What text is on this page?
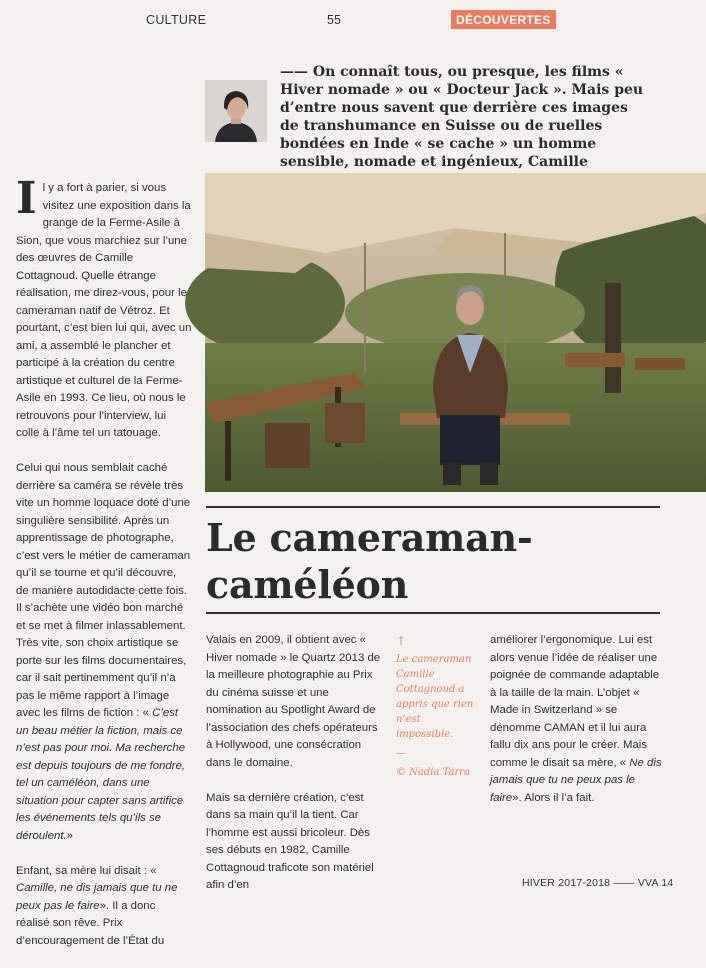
CULTURE	55	DÉCOUVERTES
—— On connaît tous, ou presque, les films « Hiver nomade » ou « Docteur Jack ». Mais peu d’entre nous savent que derrière ces images de transhumance en Suisse ou de ruelles bondées en Inde « se cache » un homme sensible, nomade et ingénieux, Camille
Le cameraman-
caméléon

I l y a fort à parier, si vous visitez une exposition dans la grange de la Ferme-Asile à Sion, que vous marchiez sur l’une des œuvres de Camille Cottagnoud. Quelle étrange réalisation, me direz-vous, pour le cameraman natif de Vétroz. Et pourtant, c’est bien lui qui, avec un ami, a assemblé le plancher et participé à la création du centre artistique et culturel de la Ferme-Asile en 1993. Ce lieu, où nous le retrouvons pour l’interview, lui colle à l’âme tel un tatouage.

Celui qui nous semblait caché derrière sa caméra se révèle très vite un homme loquace doté d’une singulière sensibilité. Après un apprentissage de photographe, c’est vers le métier de cameraman qu’il se tourne et qu’il découvre, de manière autodidacte cette fois. Il s’achète une vidéo bon marché et se met à filmer inlassablement. Très vite, son choix artistique se porte sur les films documentaires, car il sait pertinemment qu’il n’a pas le même rapport à l’image avec les films de fiction : « C’est un beau métier la fiction, mais ce n’est pas pour moi. Ma recherche est depuis toujours de me fondre, tel un caméléon, dans une situation pour capter sans artifice les événements tels qu’ils se déroulent.»

Enfant, sa mère lui disait : « Camille, ne dis jamais que tu ne peux pas le faire». Il a donc réalisé son rêve. Prix d’encouragement de l’État du

Valais en 2009, il obtient avec « Hiver nomade » le Quartz 2013 de la meilleure photographie au Prix du cinéma suisse et une nomination au Spotlight Award de l’association des chefs opérateurs à Hollywood, une consécration dans le domaine.

Mais sa dernière création, c’est dans sa main qu’il la tient. Car l’homme est aussi bricoleur. Dès ses débuts en 1982, Camille Cottagnoud traficote son matériel afin d’en

↑
Le cameraman Camille Cottagnoud a appris que rien n’est impossible.
—
© Nadia Tarra

améliorer l’ergonomique. Lui est alors venue l’idée de réaliser une poignée de commande adaptable à la taille de la main. L’objet « Made in Switzerland » se dénomme CAMAN et il lui aura fallu dix ans pour le créer. Mais comme le disait sa mère, « Ne dis jamais que tu ne peux pas le faire». Alors il l’a fait.

HIVER 2017-2018 —— VVA 14
